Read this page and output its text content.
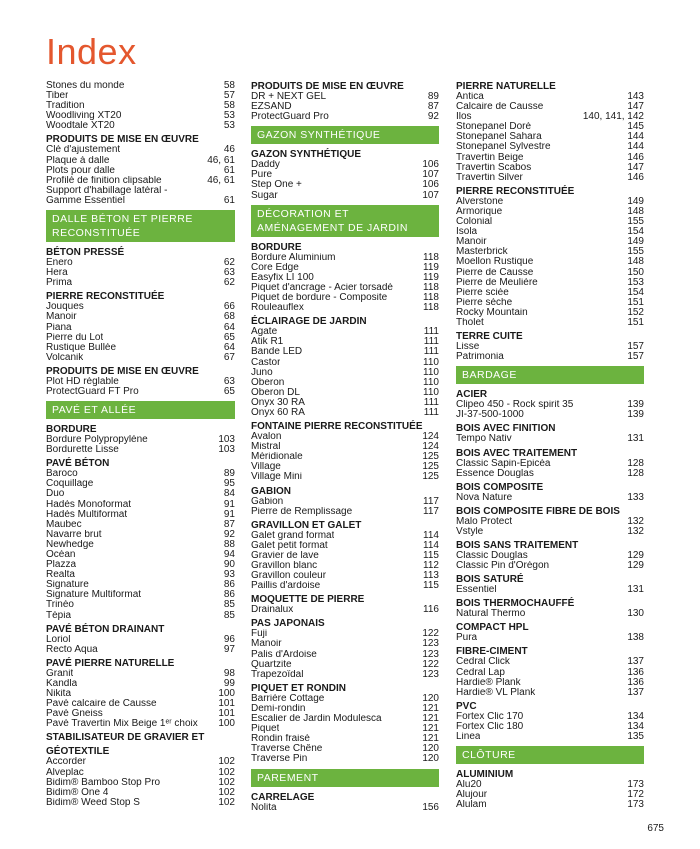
Index
Stones du monde	58
Tiber	57
Tradition	58
Woodliving XT20	53
Woodtale XT20	53
PRODUITS DE MISE EN ŒUVRE
Clé d'ajustement	46
Plaque à dalle	46, 61
Plots pour dalle	61
Profilé de finition clipsable	46, 61
Support d'habillage latéral -
Gamme Essentiel	61
DALLE BÉTON ET PIERRE RECONSTITUÉE
BÉTON PRESSÉ
Enero	62
Hera	63
Prima	62
PIERRE RECONSTITUÉE
Jouques	66
Manoir	68
Piana	64
Pierre du Lot	65
Rustique Bullée	64
Volcanik	67
PRODUITS DE MISE EN ŒUVRE
Plot HD réglable	63
ProtectGuard FT Pro	65
PAVÉ ET ALLÉE
BORDURE
Bordure Polypropylène	103
Bordurette Lisse	103
PAVÉ BÉTON
Baroco	89
Coquillage	95
Duo	84
Hadès Monoformat	91
Hadès Multiformat	91
Maubec	87
Navarre brut	92
Newhedge	88
Océan	94
Plazza	90
Realta	93
Signature	86
Signature Multiformat	86
Trinéo	85
Tépia	85
PAVÉ BÉTON DRAINANT
Loriol	96
Recto Aqua	97
PAVÉ PIERRE NATURELLE
Granit	98
Kandla	99
Nikita	100
Pavé calcaire de Causse	101
Pavé Gneiss	101
Pavé Travertin Mix Beige 1ᵉʳ choix	100
STABILISATEUR DE GRAVIER ET
GÉOTEXTILE
Accorder	102
Alveplac	102
Bidim® Bamboo Stop Pro	102
Bidim® One 4	102
Bidim® Weed Stop S	102
PRODUITS DE MISE EN ŒUVRE
DR + NEXT GEL	89
EZSAND	87
ProtectGuard Pro	92
GAZON SYNTHÉTIQUE
GAZON SYNTHÉTIQUE
Daddy	106
Pure	107
Step One +	106
Sugar	107
DÉCORATION ET AMÉNAGEMENT DE JARDIN
BORDURE
Bordure Aluminium	118
Core Edge	119
Easyfix LI 100	119
Piquet d'ancrage - Acier torsadé	118
Piquet de bordure - Composite	118
Rouleauflex	118
ÉCLAIRAGE DE JARDIN
Agate	111
Atik R1	111
Bande LED	111
Castor	110
Juno	110
Oberon	110
Oberon DL	110
Onyx 30 RA	111
Onyx 60 RA	111
FONTAINE PIERRE RECONSTITUÉE
Avalon	124
Mistral	124
Méridionale	125
Village	125
Village Mini	125
GABION
Gabion	117
Pierre de Remplissage	117
GRAVILLON ET GALET
Galet grand format	114
Galet petit format	114
Gravier de lave	115
Gravillon blanc	112
Gravillon couleur	113
Paillis d'ardoise	115
MOQUETTE DE PIERRE
Drainalux	116
PAS JAPONAIS
Fuji	122
Manoir	123
Palis d'Ardoise	123
Quartzite	122
Trapezoïdal	123
PIQUET ET RONDIN
Barrière Cottage	120
Demi-rondin	121
Escalier de Jardin Modulesca	121
Piquet	121
Rondin fraisé	121
Traverse Chêne	120
Traverse Pin	120
PAREMENT
CARRELAGE
Nolita	156
PIERRE NATURELLE
Antica	143
Calcaire de Causse	147
Ilos	140, 141, 142
Stonepanel Doré	145
Stonepanel Sahara	144
Stonepanel Sylvestre	144
Travertin Beige	146
Travertin Scabos	147
Travertin Silver	146
PIERRE RECONSTITUÉE
Alverstone	149
Armorique	148
Colonial	155
Isola	154
Manoir	149
Masterbrick	155
Moellon Rustique	148
Pierre de Causse	150
Pierre de Meulière	153
Pierre sciée	154
Pierre sèche	151
Rocky Mountain	152
Tholet	151
TERRE CUITE
Lisse	157
Patrimonia	157
BARDAGE
ACIER
Clipeo 450 - Rock spirit 35	139
JI-37-500-1000	139
BOIS AVEC FINITION
Tempo Nativ	131
BOIS AVEC TRAITEMENT
Classic Sapin-Epicéa	128
Essence Douglas	128
BOIS COMPOSITE
Nova Nature	133
BOIS COMPOSITE FIBRE DE BOIS
Malo Protect	132
Vstyle	132
BOIS SANS TRAITEMENT
Classic Douglas	129
Classic Pin d'Orégon	129
BOIS SATURÉ
Essentiel	131
BOIS THERMOCHAUFFÉ
Natural Thermo	130
COMPACT HPL
Pura	138
FIBRE-CIMENT
Cedral Click	137
Cedral Lap	136
Hardie® Plank	136
Hardie® VL Plank	137
PVC
Fortex Clic 170	134
Fortex Clic 180	134
Linea	135
CLÔTURE
ALUMINIUM
Alu20	173
Alujour	172
Alulam	173
675
